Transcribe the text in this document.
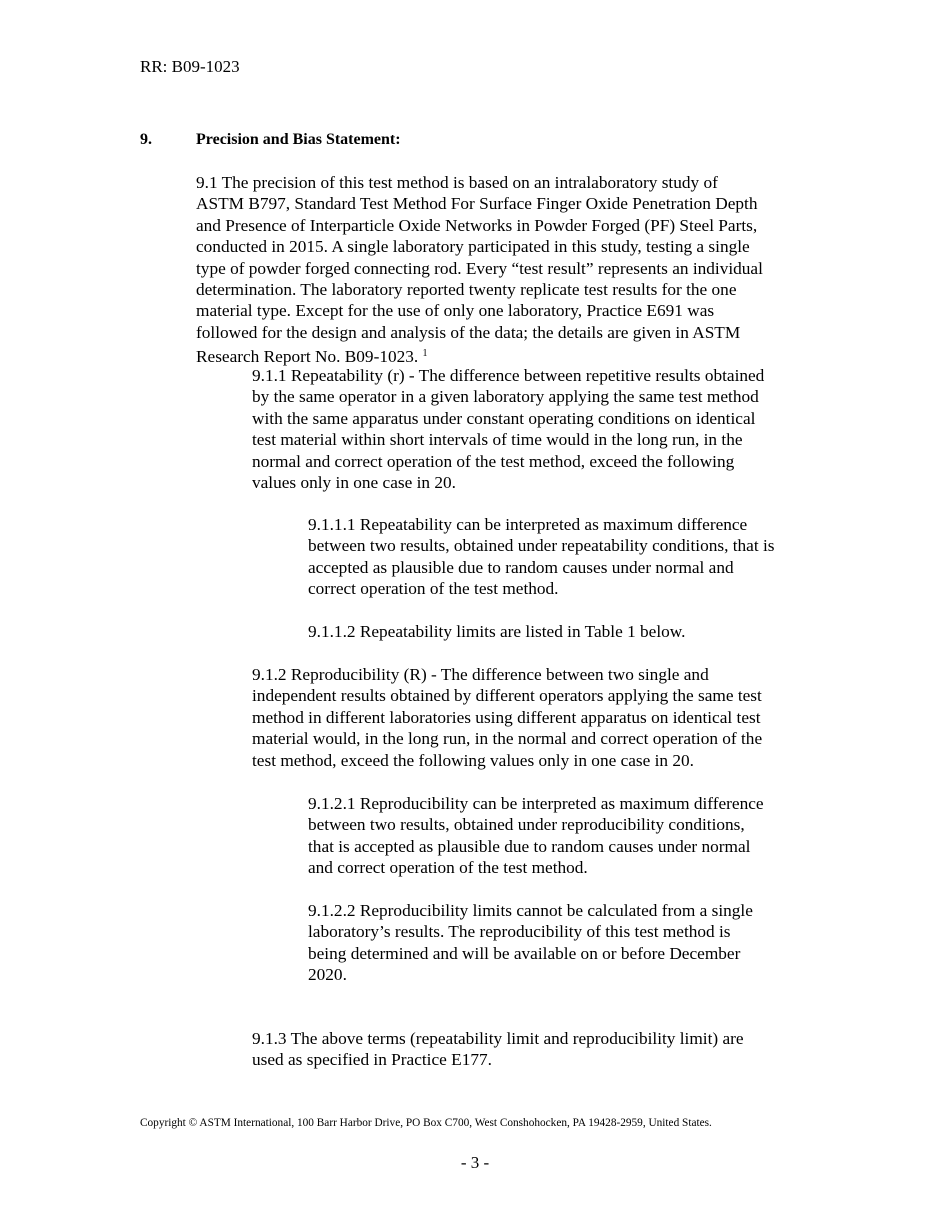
RR: B09-1023
9.	Precision and Bias Statement:
9.1 The precision of this test method is based on an intralaboratory study of
ASTM B797, Standard Test Method For Surface Finger Oxide Penetration Depth
and Presence of Interparticle Oxide Networks in Powder Forged (PF) Steel Parts,
conducted in 2015. A single laboratory participated in this study, testing a single
type of powder forged connecting rod. Every “test result” represents an individual
determination. The laboratory reported twenty replicate test results for the one
material type. Except for the use of only one laboratory, Practice E691 was
followed for the design and analysis of the data; the details are given in ASTM
Research Report No. B09-1023. $^1$
9.1.1 Repeatability (r) - The difference between repetitive results obtained
by the same operator in a given laboratory applying the same test method
with the same apparatus under constant operating conditions on identical
test material within short intervals of time would in the long run, in the
normal and correct operation of the test method, exceed the following
values only in one case in 20.
9.1.1.1 Repeatability can be interpreted as maximum difference
between two results, obtained under repeatability conditions, that is
accepted as plausible due to random causes under normal and
correct operation of the test method.
9.1.1.2 Repeatability limits are listed in Table 1 below.
9.1.2 Reproducibility (R) - The difference between two single and
independent results obtained by different operators applying the same test
method in different laboratories using different apparatus on identical test
material would, in the long run, in the normal and correct operation of the
test method, exceed the following values only in one case in 20.
9.1.2.1 Reproducibility can be interpreted as maximum difference
between two results, obtained under reproducibility conditions,
that is accepted as plausible due to random causes under normal
and correct operation of the test method.
9.1.2.2 Reproducibility limits cannot be calculated from a single
laboratory’s results. The reproducibility of this test method is
being determined and will be available on or before December
2020.
9.1.3 The above terms (repeatability limit and reproducibility limit) are
used as specified in Practice E177.
Copyright © ASTM International, 100 Barr Harbor Drive, PO Box C700, West Conshohocken, PA 19428-2959, United States.
- 3 -
